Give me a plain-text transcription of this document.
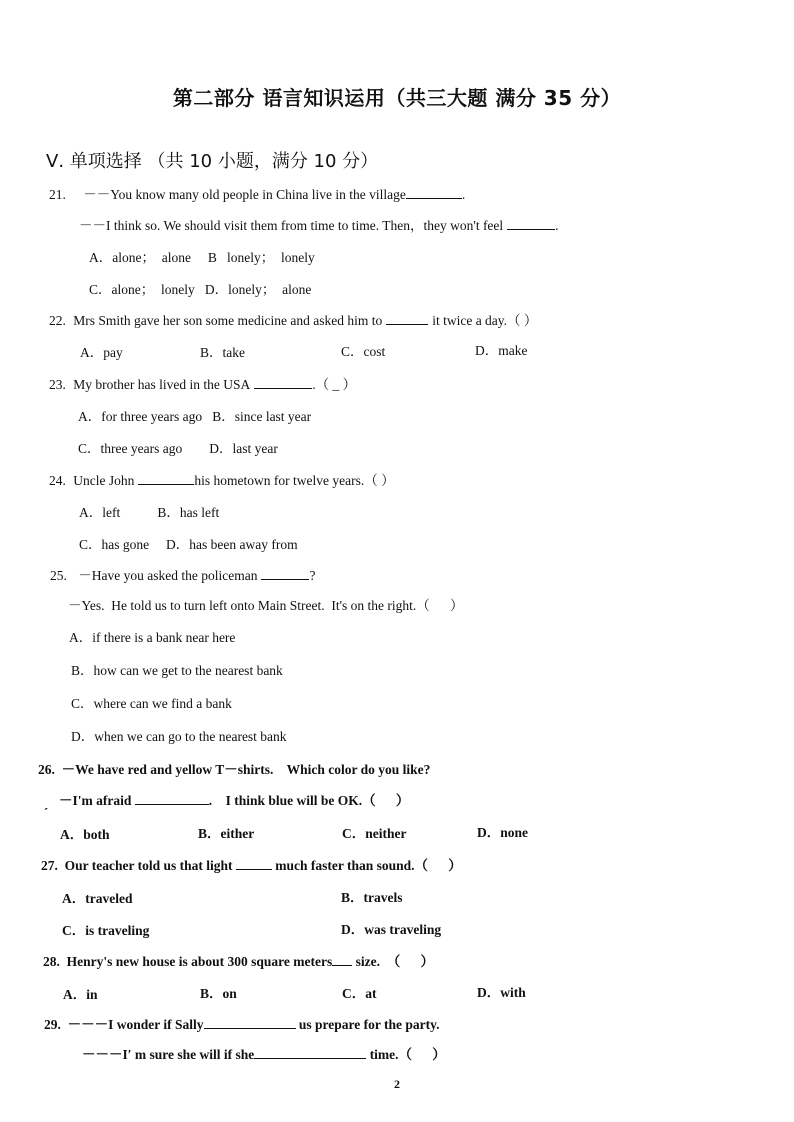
第二部分 语言知识运用（共三大题 满分 35 分）
Ⅴ. 单项选择 （共 10 小题，满分 10 分）
21. －－You know many old people in China live in the village	.
－－I think so. We should visit them from time to time. Then，they won't feel	.
A．alone；  alone     B   lonely；  lonely
C．alone；  lonely   D．lonely；  alone
22. Mrs Smith gave her son some medicine and asked him to	it twice a day.（ ）
A．pay	B．take	C．cost	D．make
23. My brother has lived in the USA	.（ _ ）
A．for three years ago   B．since last year
C．three years ago        D．last year
24. Uncle John	his hometown for twelve years.（ ）
A．left           B．has left
C．has gone     D．has been away from
25. －Have you asked the policeman	?
－Yes.  He told us to turn left onto Main Street.  It's on the right.（      ）
A．if there is a bank near here
B．how can we get to the nearest bank
C．where can we find a bank
D．when we can go to the nearest bank
26. －We have red and yellow T－shirts.    Which color do you like?
ˏ －I'm afraid	.    I think blue will be OK.（      ）
A．both	B．either	C．neither	D．none
27. Our teacher told us that light	much faster than sound.（      ）
A．traveled	B．travels
C．is traveling	D．was traveling
28. Henry's new house is about 300 square meters size.  （      ）
A．in	B．on	C．at	D．with
29. －－－I wonder if Sally	us prepare for the party.
－－－I′ m sure she will if she	time.（      ）
2
